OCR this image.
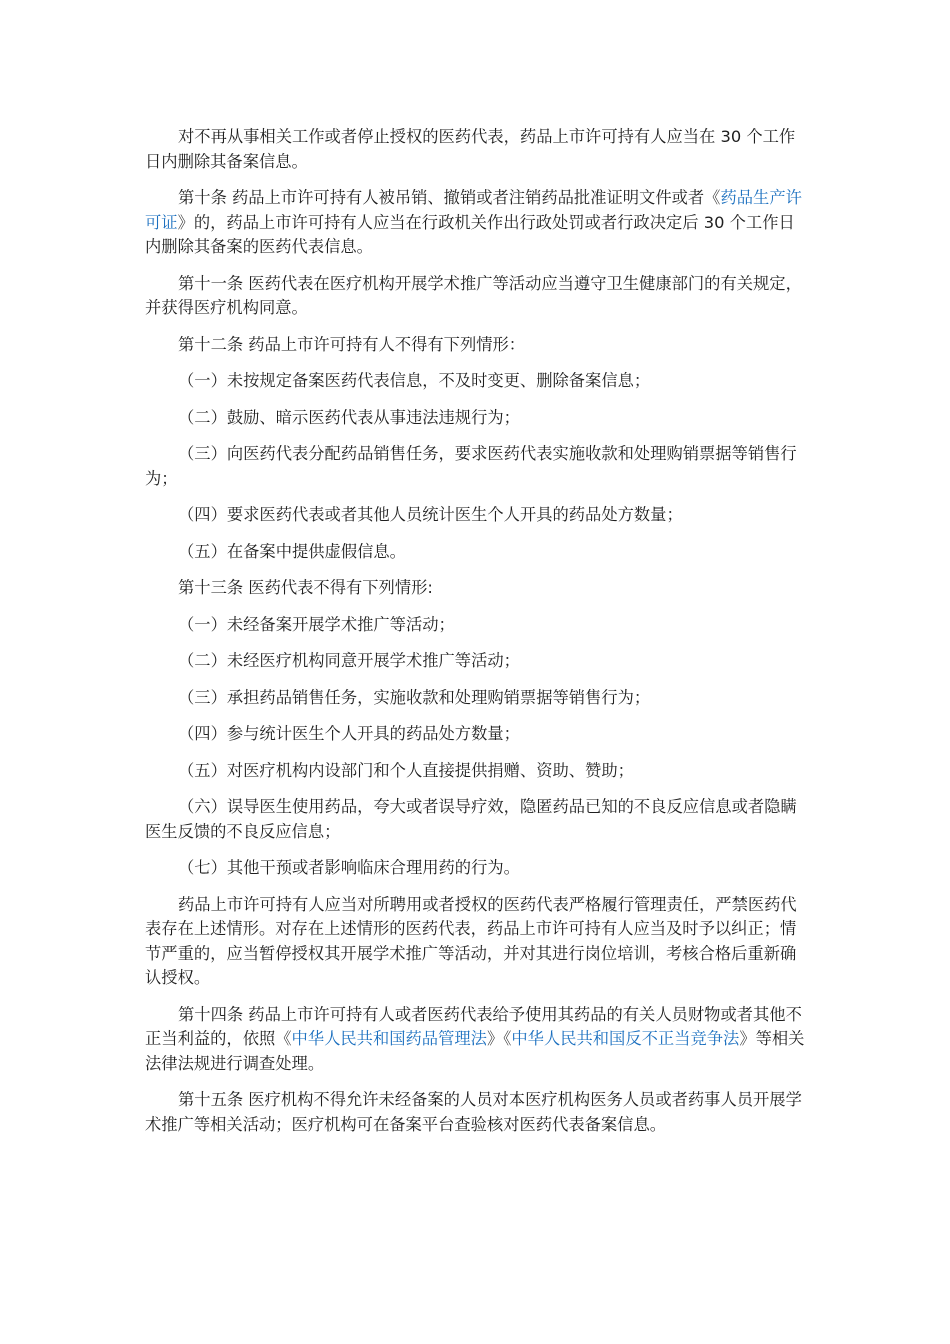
对不再从事相关工作或者停止授权的医药代表，药品上市许可持有人应当在 30 个工作日内删除其备案信息。

第十条 药品上市许可持有人被吊销、撤销或者注销药品批准证明文件或者《药品生产许可证》的，药品上市许可持有人应当在行政机关作出行政处罚或者行政决定后 30 个工作日内删除其备案的医药代表信息。

第十一条 医药代表在医疗机构开展学术推广等活动应当遵守卫生健康部门的有关规定，并获得医疗机构同意。

第十二条 药品上市许可持有人不得有下列情形：

（一）未按规定备案医药代表信息，不及时变更、删除备案信息；

（二）鼓励、暗示医药代表从事违法违规行为；

（三）向医药代表分配药品销售任务，要求医药代表实施收款和处理购销票据等销售行为；

（四）要求医药代表或者其他人员统计医生个人开具的药品处方数量；

（五）在备案中提供虚假信息。

第十三条 医药代表不得有下列情形:

（一）未经备案开展学术推广等活动；

（二）未经医疗机构同意开展学术推广等活动；

（三）承担药品销售任务，实施收款和处理购销票据等销售行为；

（四）参与统计医生个人开具的药品处方数量；

（五）对医疗机构内设部门和个人直接提供捐赠、资助、赞助；

（六）误导医生使用药品，夸大或者误导疗效，隐匿药品已知的不良反应信息或者隐瞒医生反馈的不良反应信息；

（七）其他干预或者影响临床合理用药的行为。

药品上市许可持有人应当对所聘用或者授权的医药代表严格履行管理责任，严禁医药代表存在上述情形。对存在上述情形的医药代表，药品上市许可持有人应当及时予以纠正；情节严重的，应当暂停授权其开展学术推广等活动，并对其进行岗位培训，考核合格后重新确认授权。

第十四条 药品上市许可持有人或者医药代表给予使用其药品的有关人员财物或者其他不正当利益的，依照《中华人民共和国药品管理法》《中华人民共和国反不正当竞争法》等相关法律法规进行调查处理。

第十五条 医疗机构不得允许未经备案的人员对本医疗机构医务人员或者药事人员开展学术推广等相关活动；医疗机构可在备案平台查验核对医药代表备案信息。
